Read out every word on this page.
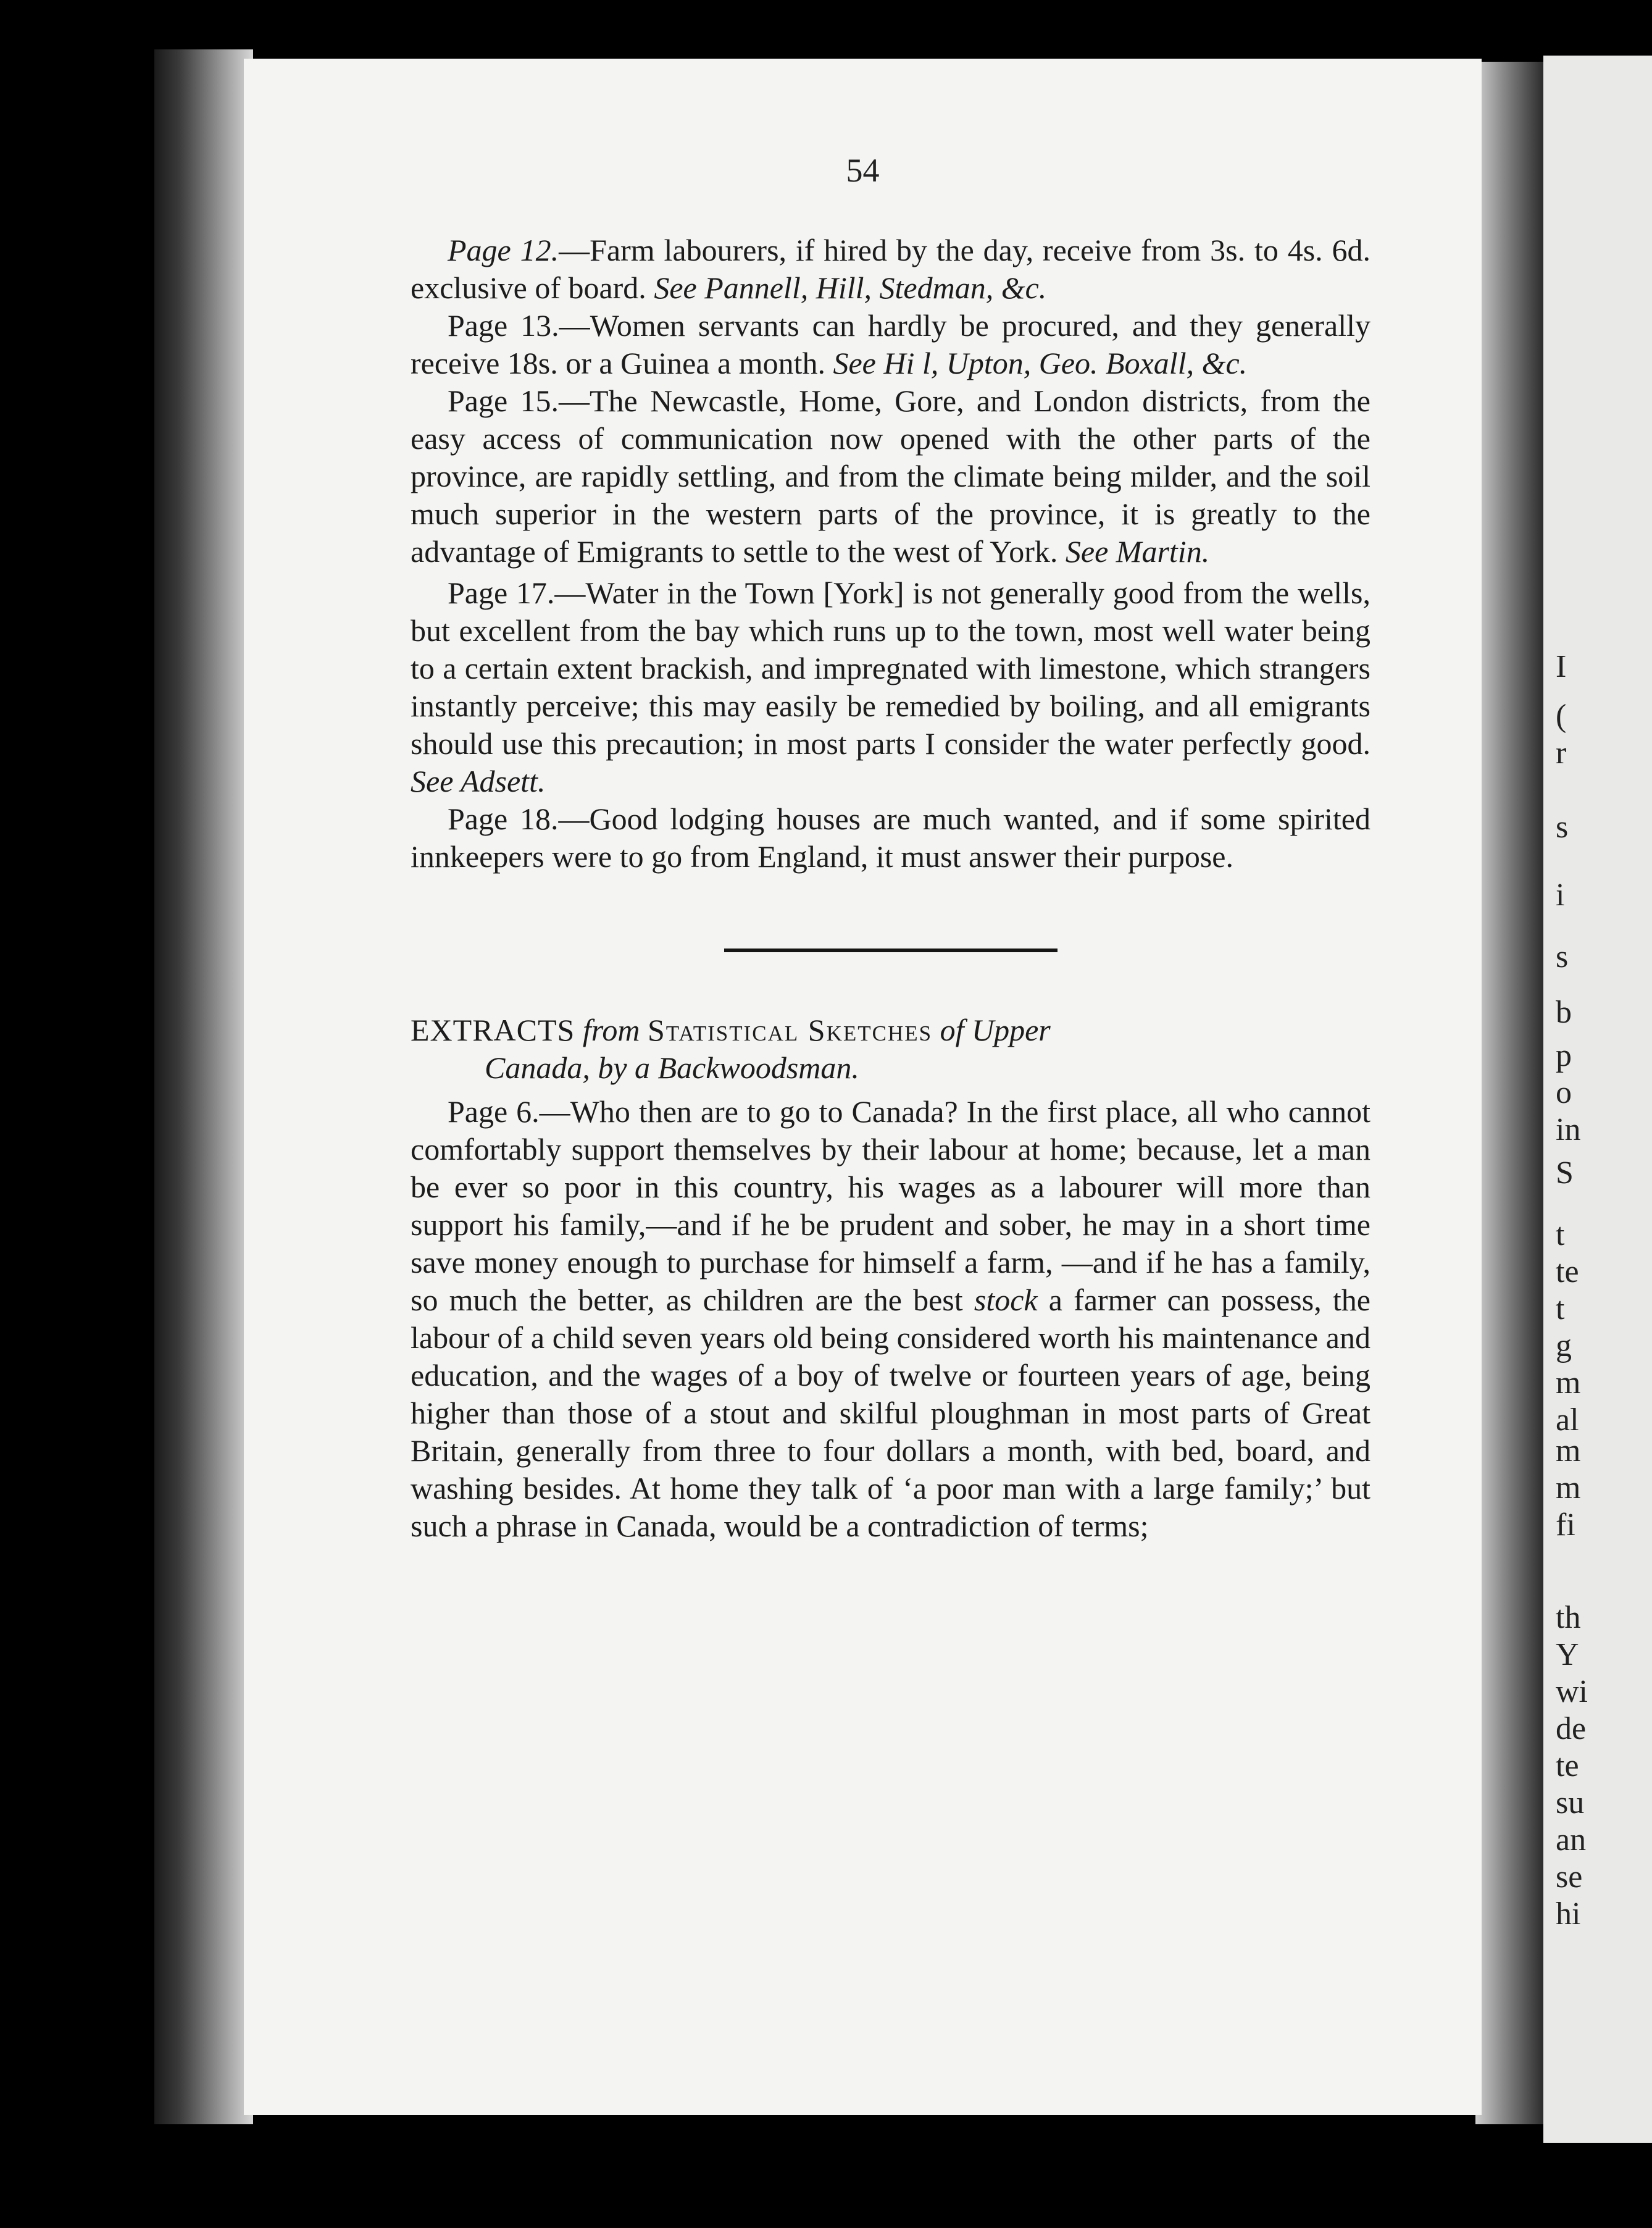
I
(
r
s
i
s
b
p
o
in
S
t
te
t
g
m
al
m
m
fi
th
Y
wi
de
te
su
an
se
hi
54

Page 12.—Farm labourers, if hired by the day, receive from 3s. to 4s. 6d. exclusive of board. See Pannell, Hill, Stedman, &c.

Page 13.—Women servants can hardly be procured, and they generally receive 18s. or a Guinea a month. See Hi l, Upton, Geo. Boxall, &c.

Page 15.—The Newcastle, Home, Gore, and London districts, from the easy access of communication now opened with the other parts of the province, are rapidly settling, and from the climate being milder, and the soil much superior in the western parts of the province, it is greatly to the advantage of Emigrants to settle to the west of York. See Martin.

Page 17.—Water in the Town [York] is not generally good from the wells, but excellent from the bay which runs up to the town, most well water being to a certain extent brackish, and impregnated with limestone, which strangers instantly perceive; this may easily be remedied by boiling, and all emigrants should use this precaution; in most parts I consider the water perfectly good. See Adsett.

Page 18.—Good lodging houses are much wanted, and if some spirited innkeepers were to go from England, it must answer their purpose.

EXTRACTS from Statistical Sketches of Upper
Canada, by a Backwoodsman.

Page 6.—Who then are to go to Canada? In the first place, all who cannot comfortably support themselves by their labour at home; because, let a man be ever so poor in this country, his wages as a labourer will more than support his family,—and if he be prudent and sober, he may in a short time save money enough to purchase for himself a farm, —and if he has a family, so much the better, as children are the best stock a farmer can possess, the labour of a child seven years old being considered worth his maintenance and education, and the wages of a boy of twelve or fourteen years of age, being higher than those of a stout and skilful ploughman in most parts of Great Britain, generally from three to four dollars a month, with bed, board, and washing besides. At home they talk of ‘a poor man with a large family;’ but such a phrase in Canada, would be a contradiction of terms;
